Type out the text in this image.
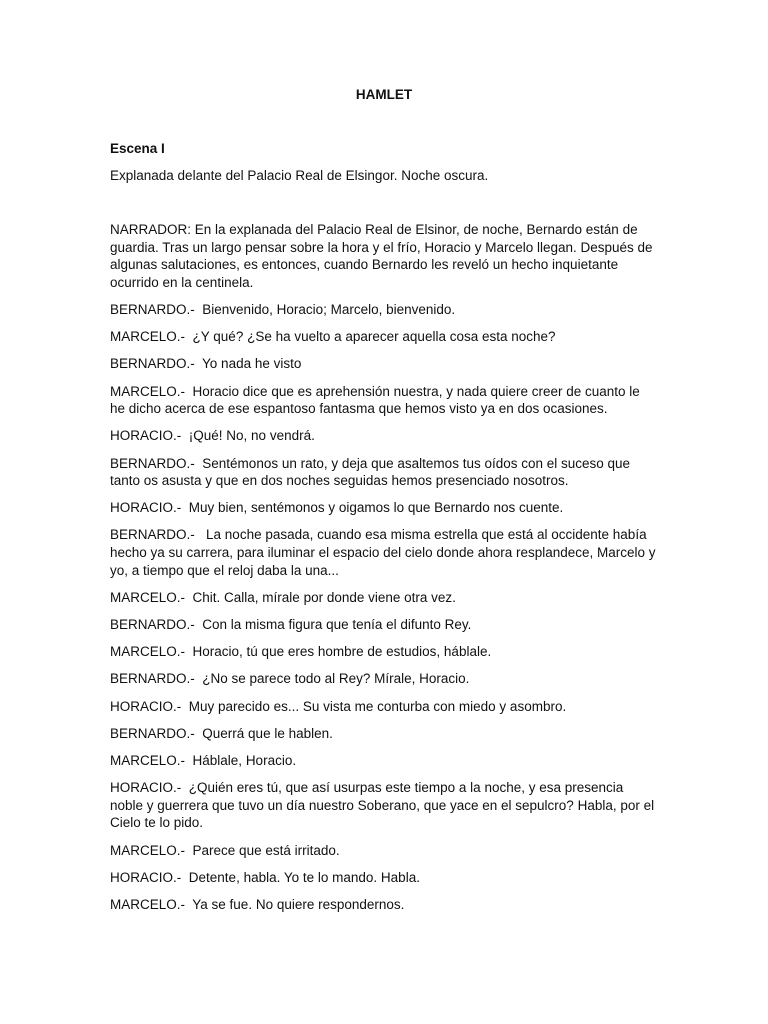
HAMLET
Escena I

Explanada delante del Palacio Real de Elsingor. Noche oscura.

NARRADOR: En la explanada del Palacio Real de Elsinor, de noche, Bernardo están de guardia. Tras un largo pensar sobre la hora y el frío, Horacio y Marcelo llegan. Después de algunas salutaciones, es entonces, cuando Bernardo les reveló un hecho inquietante ocurrido en la centinela.

BERNARDO.- Bienvenido, Horacio; Marcelo, bienvenido.

MARCELO.- ¿Y qué? ¿Se ha vuelto a aparecer aquella cosa esta noche?

BERNARDO.- Yo nada he visto

MARCELO.- Horacio dice que es aprehensión nuestra, y nada quiere creer de cuanto le he dicho acerca de ese espantoso fantasma que hemos visto ya en dos ocasiones.

HORACIO.- ¡Qué! No, no vendrá.

BERNARDO.- Sentémonos un rato, y deja que asaltemos tus oídos con el suceso que tanto os asusta y que en dos noches seguidas hemos presenciado nosotros.

HORACIO.- Muy bien, sentémonos y oigamos lo que Bernardo nos cuente.

BERNARDO.- La noche pasada, cuando esa misma estrella que está al occidente había hecho ya su carrera, para iluminar el espacio del cielo donde ahora resplandece, Marcelo y yo, a tiempo que el reloj daba la una...

MARCELO.- Chit. Calla, mírale por donde viene otra vez.

BERNARDO.- Con la misma figura que tenía el difunto Rey.

MARCELO.- Horacio, tú que eres hombre de estudios, háblale.

BERNARDO.- ¿No se parece todo al Rey? Mírale, Horacio.

HORACIO.- Muy parecido es... Su vista me conturba con miedo y asombro.

BERNARDO.- Querrá que le hablen.

MARCELO.- Háblale, Horacio.

HORACIO.- ¿Quién eres tú, que así usurpas este tiempo a la noche, y esa presencia noble y guerrera que tuvo un día nuestro Soberano, que yace en el sepulcro? Habla, por el Cielo te lo pido.

MARCELO.- Parece que está irritado.

HORACIO.- Detente, habla. Yo te lo mando. Habla.

MARCELO.- Ya se fue. No quiere respondernos.
